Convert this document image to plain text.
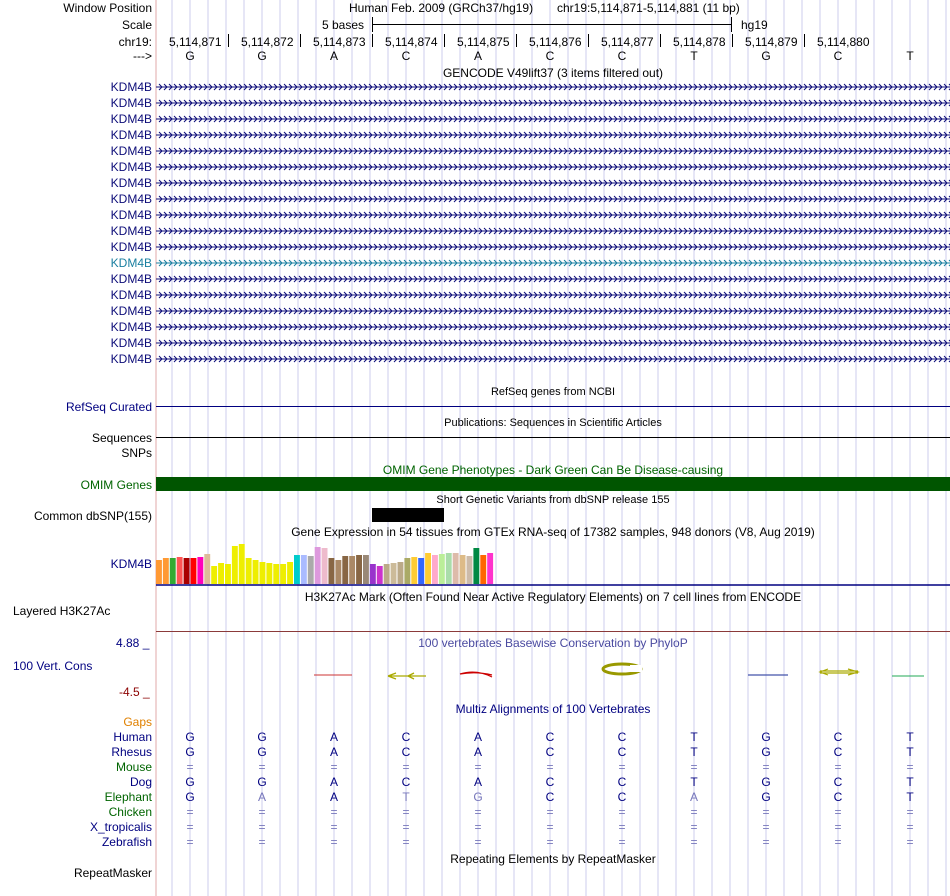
Window Position	Human Feb. 2009 (GRCh37/hg19) chr19:5,114,871-5,114,881 (11 bp)
Scale	5 bases	hg19
chr19: 5,114,871 5,114,872 5,114,873 5,114,874 5,114,875 5,114,876 5,114,877 5,114,878 5,114,879 5,114,880
--->	G	G	A	C	A	C	C	T	G	C	T
GENCODE V49lift37 (3 items filtered out)
KDM4B
KDM4B
KDM4B
KDM4B
KDM4B
KDM4B
KDM4B
KDM4B
KDM4B
KDM4B
KDM4B
KDM4B
KDM4B
KDM4B
KDM4B
KDM4B
KDM4B
KDM4B
RefSeq genes from NCBI
RefSeq Curated
Publications: Sequences in Scientific Articles
Sequences
SNPs
OMIM Gene Phenotypes - Dark Green Can Be Disease-causing
OMIM Genes
Short Genetic Variants from dbSNP release 155
Common dbSNP(155)
Gene Expression in 54 tissues from GTEx RNA-seq of 17382 samples, 948 donors (V8, Aug 2019)
KDM4B
H3K27Ac Mark (Often Found Near Active Regulatory Elements) on 7 cell lines from ENCODE
Layered H3K27Ac
100 vertebrates Basewise Conservation by PhyloP
4.88 _
100 Vert. Cons
-4.5 _
Multiz Alignments of 100 Vertebrates
Gaps
Human	G	G	A	C	A	C	C	T	G	C	T
Rhesus	G	G	A	C	A	C	C	T	G	C	T
Mouse	=	=	=	=	=	=	=	=	=	=	=
Dog	G	G	A	C	A	C	C	T	G	C	T
Elephant	G	A	A	T	G	C	C	A	G	C	T
Chicken	=	=	=	=	=	=	=	=	=	=	=
X_tropicalis	=	=	=	=	=	=	=	=	=	=	=
Zebrafish	=	=	=	=	=	=	=	=	=	=	=
Repeating Elements by RepeatMasker
RepeatMasker
